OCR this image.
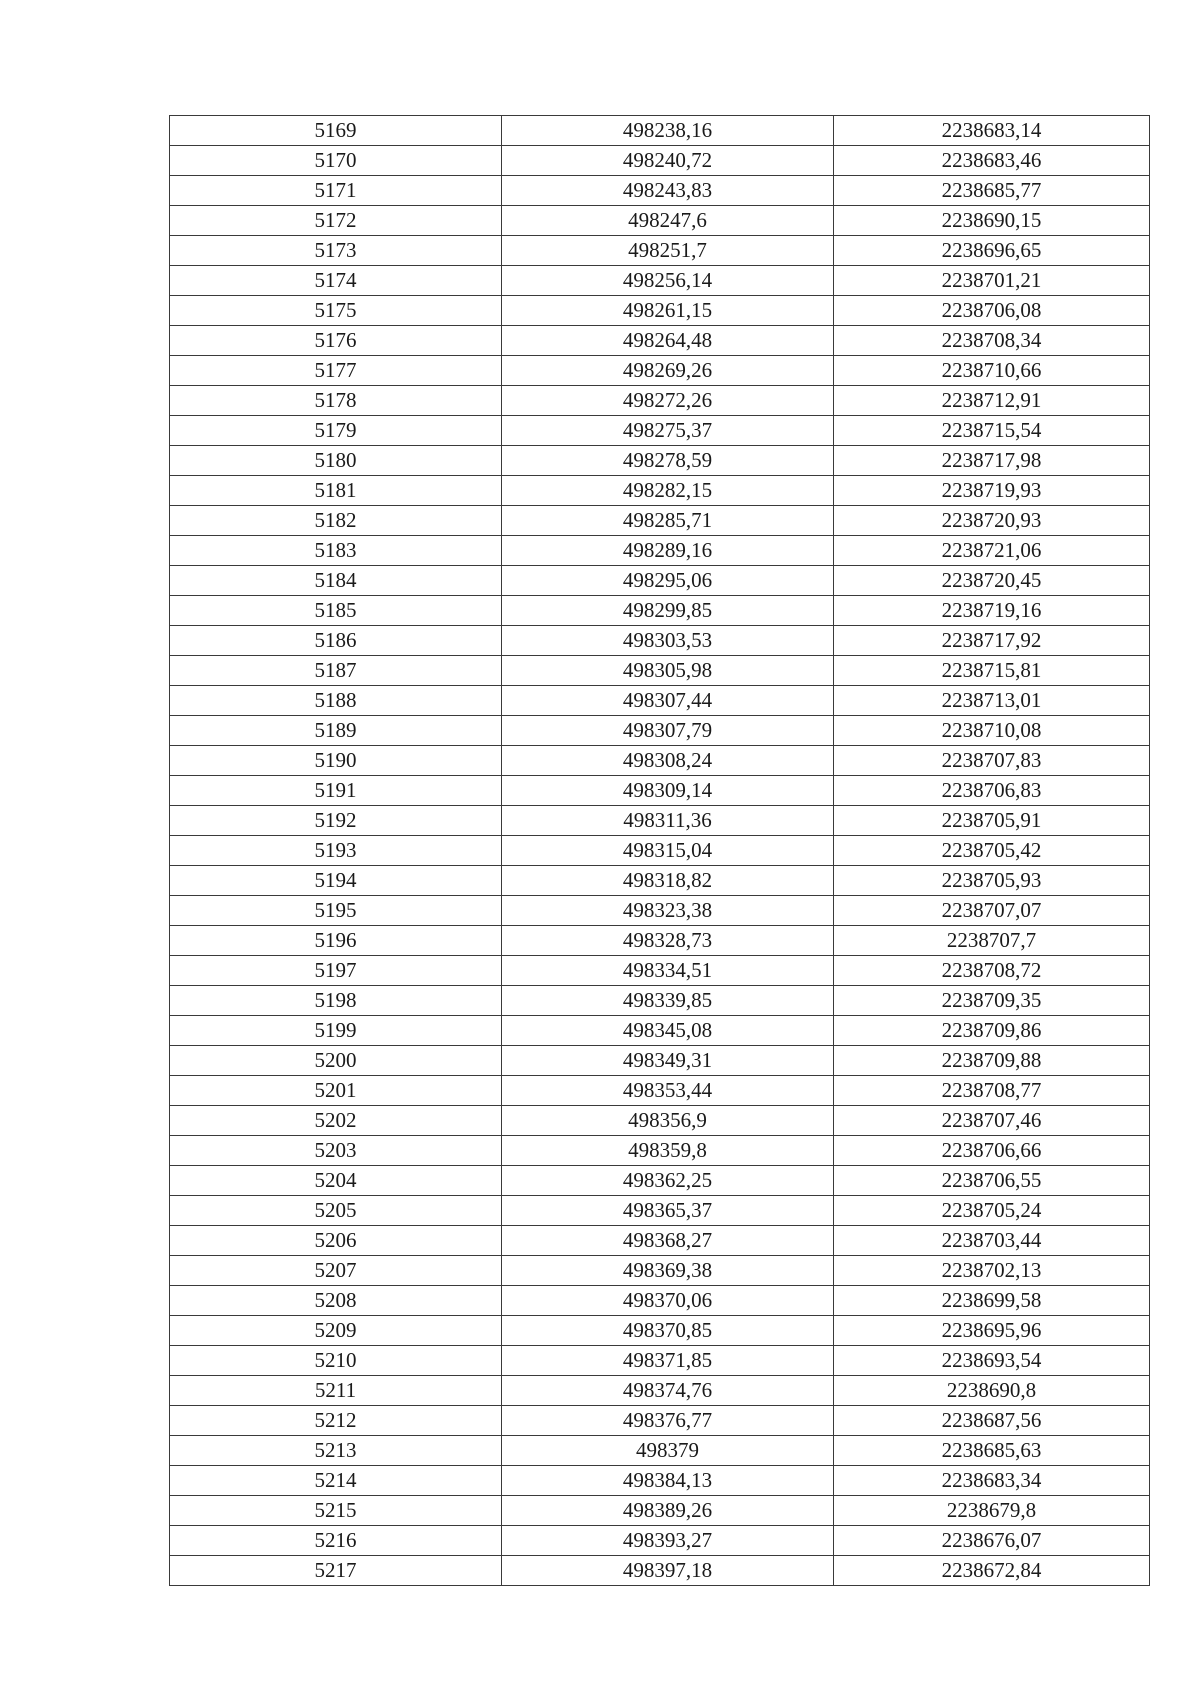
5169	498238,16	2238683,14
5170	498240,72	2238683,46
5171	498243,83	2238685,77
5172	498247,6	2238690,15
5173	498251,7	2238696,65
5174	498256,14	2238701,21
5175	498261,15	2238706,08
5176	498264,48	2238708,34
5177	498269,26	2238710,66
5178	498272,26	2238712,91
5179	498275,37	2238715,54
5180	498278,59	2238717,98
5181	498282,15	2238719,93
5182	498285,71	2238720,93
5183	498289,16	2238721,06
5184	498295,06	2238720,45
5185	498299,85	2238719,16
5186	498303,53	2238717,92
5187	498305,98	2238715,81
5188	498307,44	2238713,01
5189	498307,79	2238710,08
5190	498308,24	2238707,83
5191	498309,14	2238706,83
5192	498311,36	2238705,91
5193	498315,04	2238705,42
5194	498318,82	2238705,93
5195	498323,38	2238707,07
5196	498328,73	2238707,7
5197	498334,51	2238708,72
5198	498339,85	2238709,35
5199	498345,08	2238709,86
5200	498349,31	2238709,88
5201	498353,44	2238708,77
5202	498356,9	2238707,46
5203	498359,8	2238706,66
5204	498362,25	2238706,55
5205	498365,37	2238705,24
5206	498368,27	2238703,44
5207	498369,38	2238702,13
5208	498370,06	2238699,58
5209	498370,85	2238695,96
5210	498371,85	2238693,54
5211	498374,76	2238690,8
5212	498376,77	2238687,56
5213	498379	2238685,63
5214	498384,13	2238683,34
5215	498389,26	2238679,8
5216	498393,27	2238676,07
5217	498397,18	2238672,84
